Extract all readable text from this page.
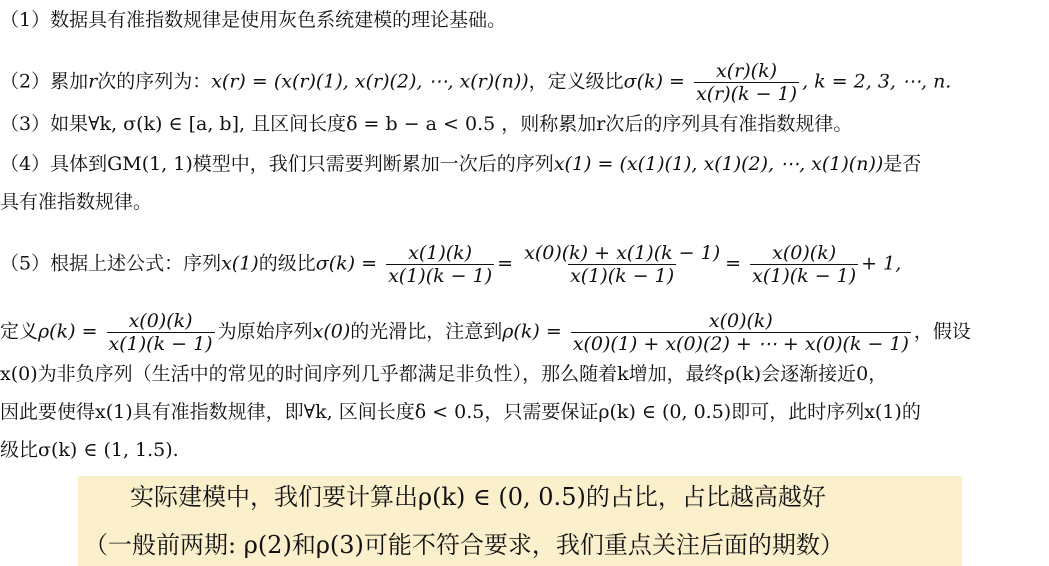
（1）数据具有准指数规律是使用灰色系统建模的理论基础。
（2）累加r次的序列为：x(r) = (x(r)(1), x(r)(2), ⋯, x(r)(n))，定义级比$\sigma(k) = \frac{x(r)(k)}{x(r)(k - 1)}$ , k = 2, 3, ⋯, n.
（3）如果∀k, σ(k) ∈ [a, b], 且区间长度δ = b − a < 0.5 ，则称累加r次后的序列具有准指数规律。
（4）具体到GM(1, 1)模型中，我们只需要判断累加一次后的序列x(1) = (x(1)(1), x(1)(2), ⋯, x(1)(n))是否
具有准指数规律。
（5）根据上述公式：序列x(1)的级比$\sigma(k) = \frac{x(1)(k)}{x(1)(k - 1)} = \frac{x(0)(k) + x(1)(k - 1)}{x(1)(k - 1)} = \frac{x(0)(k)}{x(1)(k - 1)} + 1$,
定义$\rho(k) = \frac{x(0)(k)}{x(1)(k - 1)}$ 为原始序列x(0)的光滑比，注意到$\rho(k) = \frac{x(0)(k)}{x(0)(1) + x(0)(2) + \cdots + x(0)(k - 1)}$ ，假设
x(0)为非负序列（生活中的常见的时间序列几乎都满足非负性），那么随着k增加，最终ρ(k)会逐渐接近0，
因此要使得x(1)具有准指数规律，即∀k, 区间长度δ < 0.5，只需要保证ρ(k) ∈ (0, 0.5)即可，此时序列x(1)的
级比σ(k) ∈ (1, 1.5).
实际建模中，我们要计算出ρ(k) ∈ (0, 0.5)的占比，占比越高越好
（一般前两期: ρ(2)和ρ(3)可能不符合要求，我们重点关注后面的期数）
